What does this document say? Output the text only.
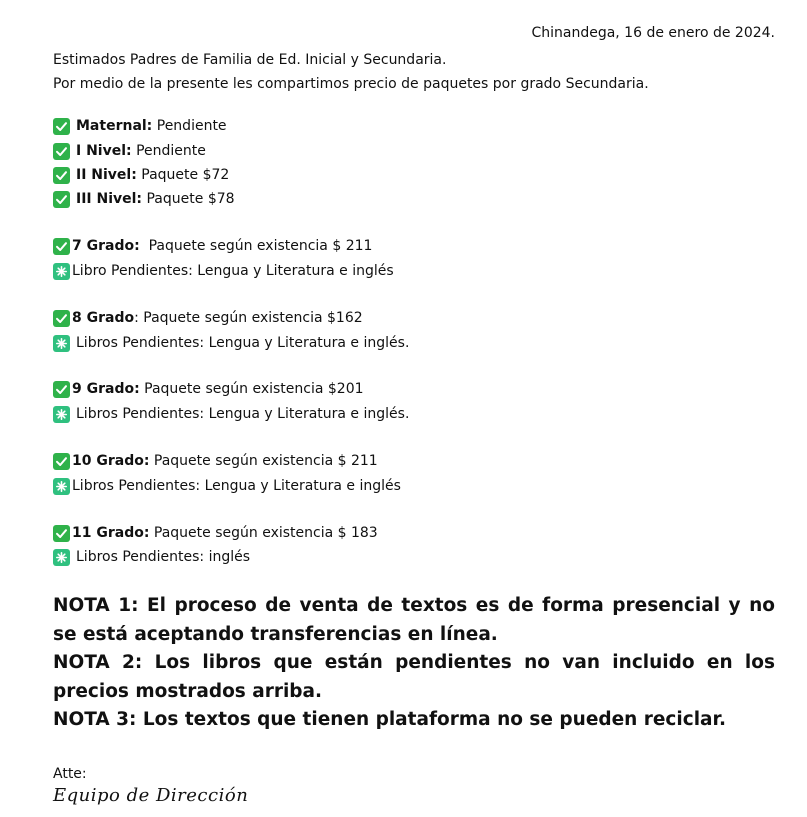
Chinandega, 16 de enero de 2024.
Estimados Padres de Familia de Ed. Inicial y Secundaria.
Por medio de la presente les compartimos precio de paquetes por grado Secundaria.
Maternal: Pendiente
I Nivel: Pendiente
II Nivel: Paquete $72
III Nivel: Paquete $78
7 Grado: Paquete según existencia $ 211
Libro Pendientes: Lengua y Literatura e inglés
8 Grado : Paquete según existencia $162
Libros Pendientes: Lengua y Literatura e inglés.
9 Grado: Paquete según existencia $201
Libros Pendientes: Lengua y Literatura e inglés.
10 Grado: Paquete según existencia $ 211
Libros Pendientes: Lengua y Literatura e inglés
11 Grado: Paquete según existencia $ 183
Libros Pendientes: inglés

NOTA 1: El proceso de venta de textos es de forma presencial y no se está aceptando transferencias en línea.

NOTA 2: Los libros que están pendientes no van incluido en los precios mostrados arriba.

NOTA 3: Los textos que tienen plataforma no se pueden reciclar.

Atte:
Equipo de Dirección
